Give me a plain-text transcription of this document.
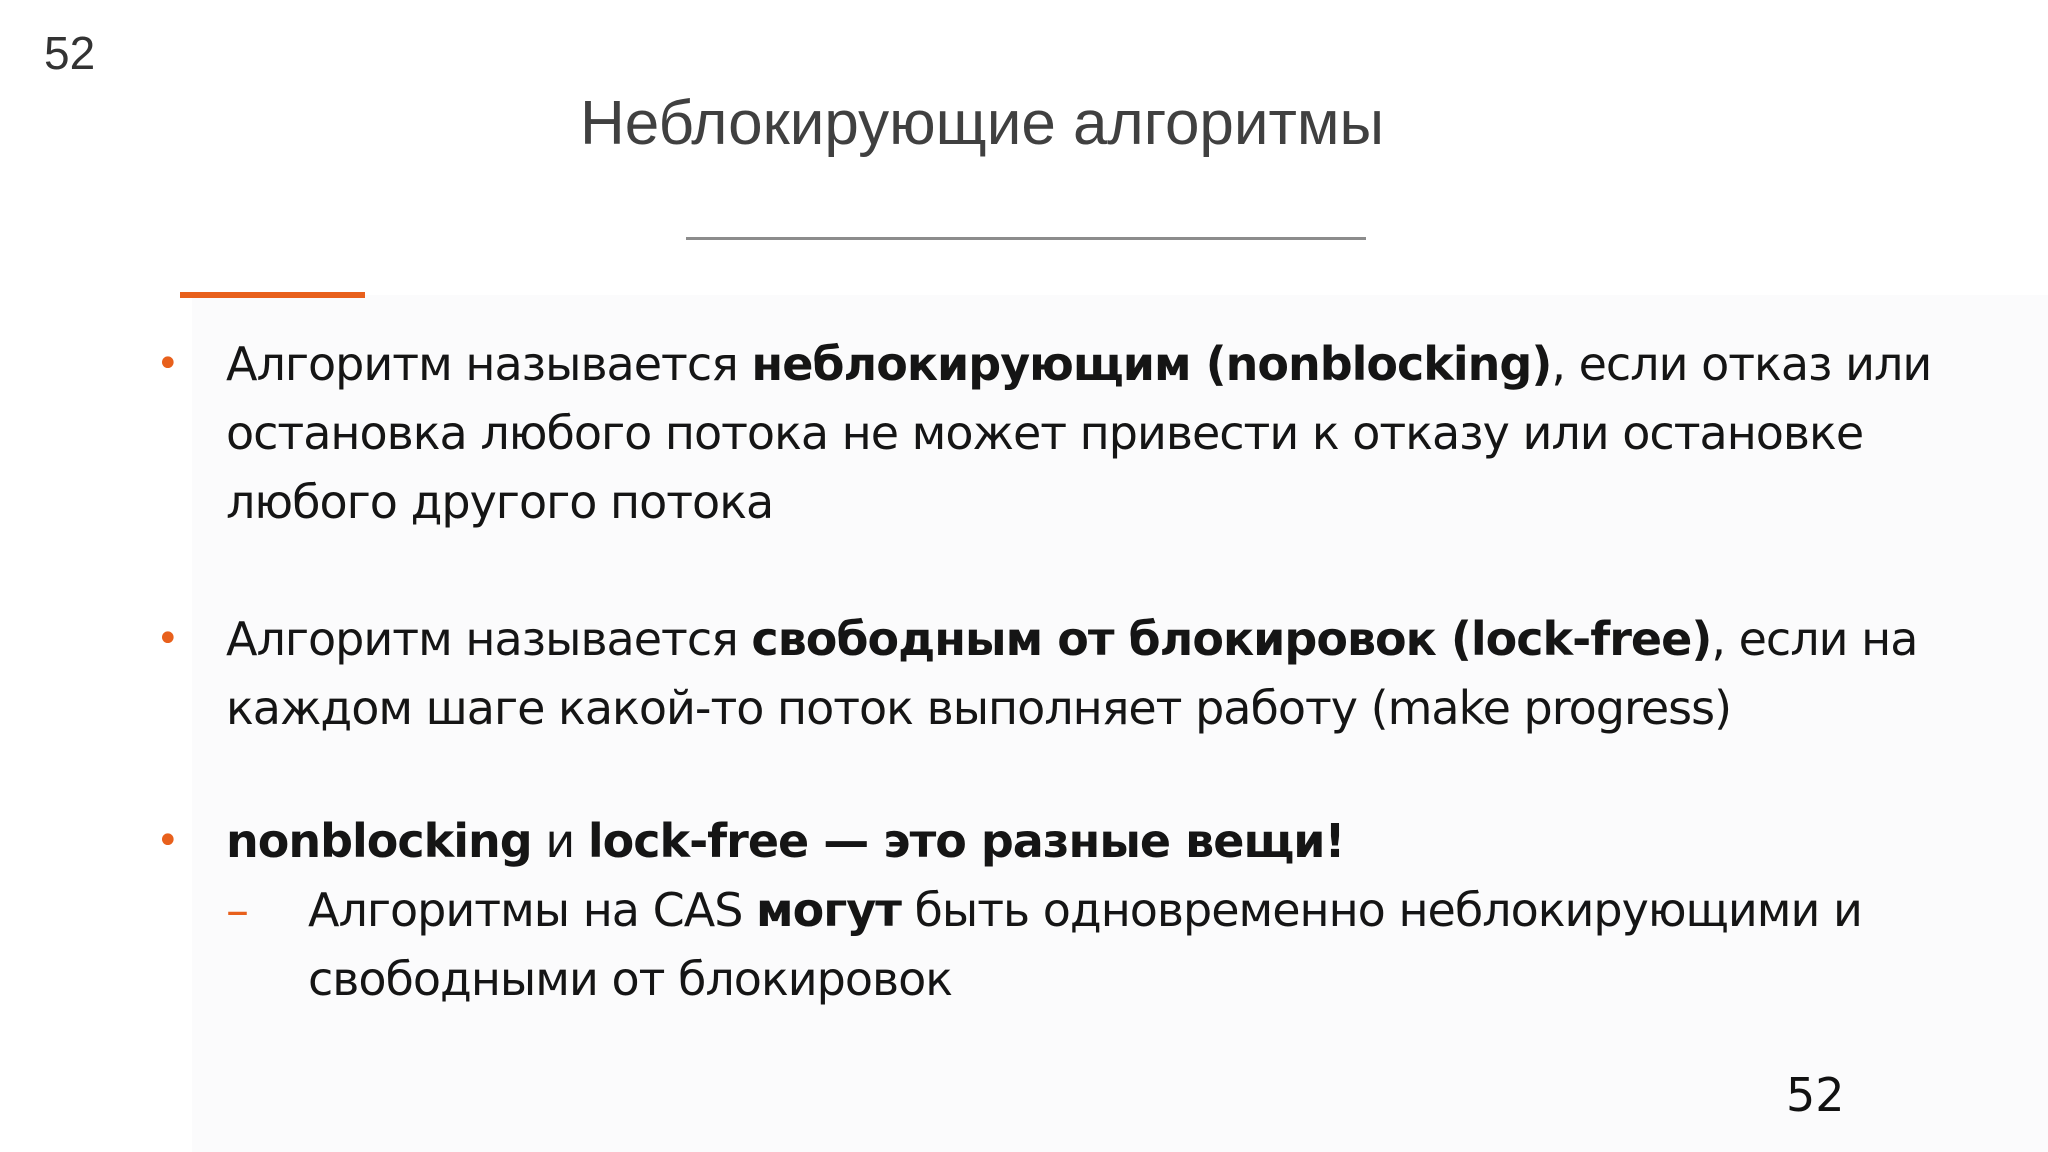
52
Неблокирующие алгоритмы
• Алгоритм называется неблокирующим (nonblocking), если отказ или остановка любого потока не может привести к отказу или остановке любого другого потока
• Алгоритм называется свободным от блокировок (lock-free), если на каждом шаге какой-то поток выполняет работу (make progress)
• nonblocking и lock-free — это разные вещи!
– Алгоритмы на CAS могут быть одновременно неблокирующими и свободными от блокировок
52
